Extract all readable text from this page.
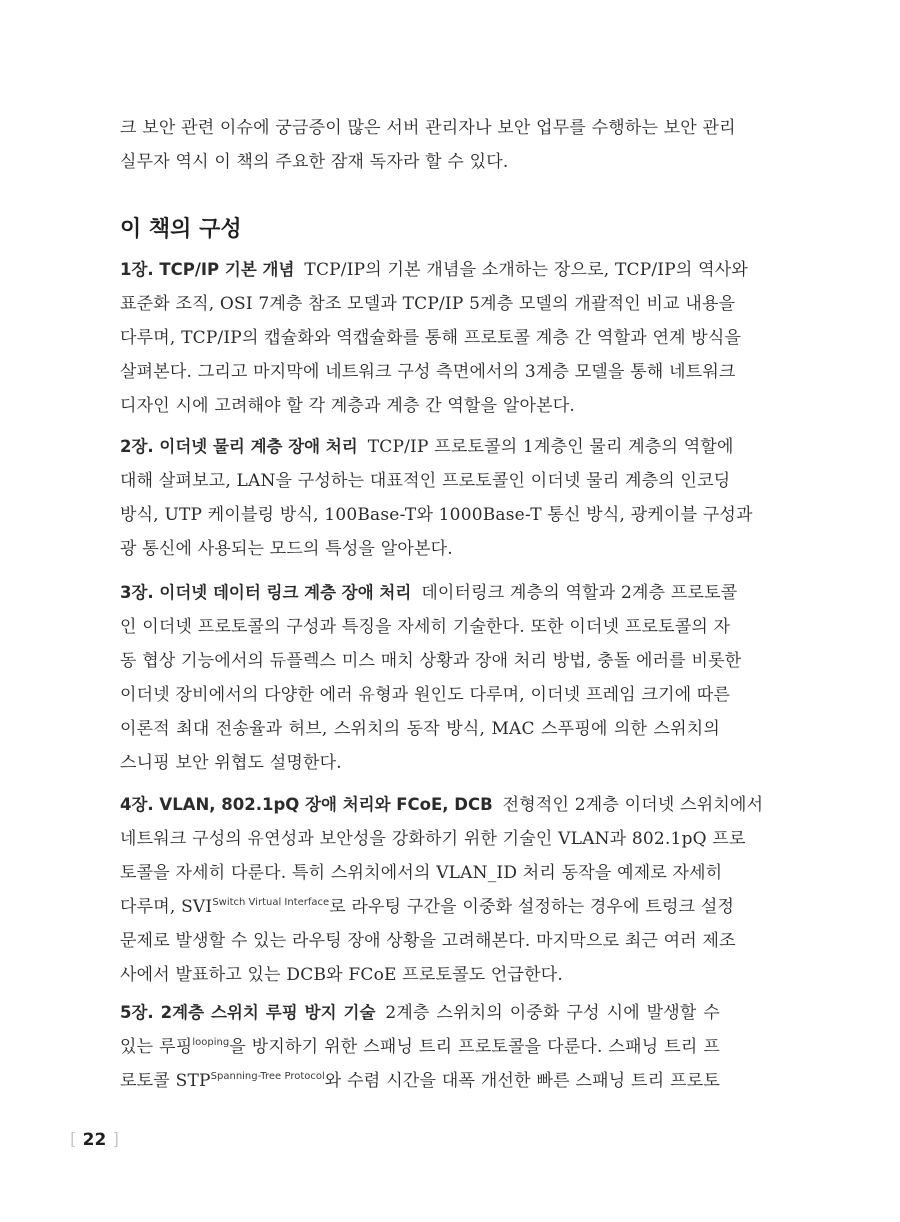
크 보안 관련 이슈에 궁금증이 많은 서버 관리자나 보안 업무를 수행하는 보안 관리
실무자 역시 이 책의 주요한 잠재 독자라 할 수 있다.
이 책의 구성
1장. TCP/IP 기본 개념 TCP/IP의 기본 개념을 소개하는 장으로, TCP/IP의 역사와
표준화 조직, OSI 7계층 참조 모델과 TCP/IP 5계층 모델의 개괄적인 비교 내용을
다루며, TCP/IP의 캡슐화와 역캡슐화를 통해 프로토콜 계층 간 역할과 연계 방식을
살펴본다. 그리고 마지막에 네트워크 구성 측면에서의 3계층 모델을 통해 네트워크
디자인 시에 고려해야 할 각 계층과 계층 간 역할을 알아본다.
2장. 이더넷 물리 계층 장애 처리 TCP/IP 프로토콜의 1계층인 물리 계층의 역할에
대해 살펴보고, LAN을 구성하는 대표적인 프로토콜인 이더넷 물리 계층의 인코딩
방식, UTP 케이블링 방식, 100Base-T와 1000Base-T 통신 방식, 광케이블 구성과
광 통신에 사용되는 모드의 특성을 알아본다.
3장. 이더넷 데이터 링크 계층 장애 처리 데이터링크 계층의 역할과 2계층 프로토콜
인 이더넷 프로토콜의 구성과 특징을 자세히 기술한다. 또한 이더넷 프로토콜의 자
동 협상 기능에서의 듀플렉스 미스 매치 상황과 장애 처리 방법, 충돌 에러를 비롯한
이더넷 장비에서의 다양한 에러 유형과 원인도 다루며, 이더넷 프레임 크기에 따른
이론적 최대 전송율과 허브, 스위치의 동작 방식, MAC 스푸핑에 의한 스위치의
스니핑 보안 위협도 설명한다.
4장. VLAN, 802.1pQ 장애 처리와 FCoE, DCB 전형적인 2계층 이더넷 스위치에서
네트워크 구성의 유연성과 보안성을 강화하기 위한 기술인 VLAN과 802.1pQ 프로
토콜을 자세히 다룬다. 특히 스위치에서의 VLAN_ID 처리 동작을 예제로 자세히
다루며, $SVI^{Switch Virtual Interface}$로 라우팅 구간을 이중화 설정하는 경우에 트렁크 설정
문제로 발생할 수 있는 라우팅 장애 상황을 고려해본다. 마지막으로 최근 여러 제조
사에서 발표하고 있는 DCB와 FCoE 프로토콜도 언급한다.
5장. 2계층 스위치 루핑 방지 기술 2계층 스위치의 이중화 구성 시에 발생할 수
있는 루핑$^{looping}$을 방지하기 위한 스패닝 트리 프로토콜을 다룬다. 스패닝 트리 프
로토콜 $STP^{Spanning-Tree Protocol}$와 수렴 시간을 대폭 개선한 빠른 스패닝 트리 프로토
[ 22 ]
